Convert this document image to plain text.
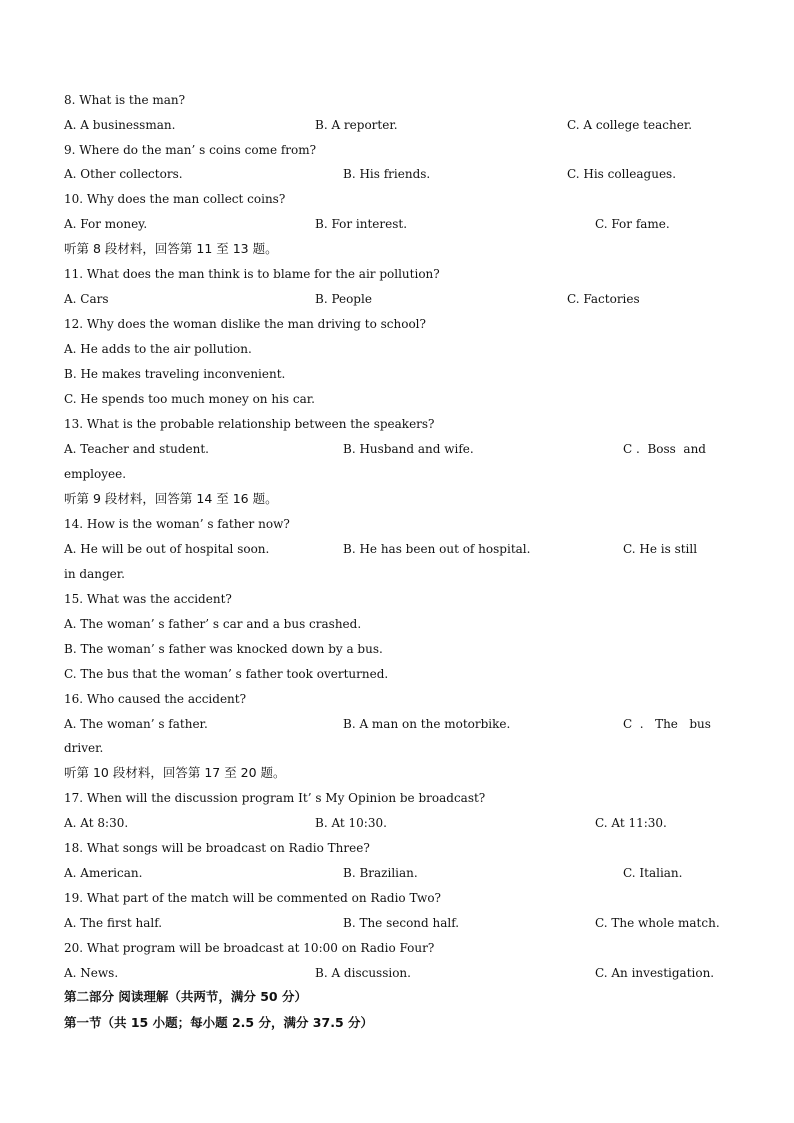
8. What is the man?
A. A businessman.	B. A reporter.	C. A college teacher.
9. Where do the man’ s coins come from?
A. Other collectors.	B. His friends.	C. His colleagues.
10. Why does the man collect coins?
A. For money.	B. For interest.	C. For fame.
听第 8 段材料，回答第 11 至 13 题。
11. What does the man think is to blame for the air pollution?
A. Cars	B. People	C. Factories
12. Why does the woman dislike the man driving to school?
A. He adds to the air pollution.
B. He makes traveling inconvenient.
C. He spends too much money on his car.
13. What is the probable relationship between the speakers?
A. Teacher and student.	B. Husband and wife.	C .  Boss  and
employee.
听第 9 段材料，回答第 14 至 16 题。
14. How is the woman’ s father now?
A. He will be out of hospital soon.	B. He has been out of hospital.	C. He is still
in danger.
15. What was the accident?
A. The woman’ s father’ s car and a bus crashed.
B. The woman’ s father was knocked down by a bus.
C. The bus that the woman’ s father took overturned.
16. Who caused the accident?
A. The woman’ s father.	B. A man on the motorbike.	C  .   The   bus
driver.
听第 10 段材料，回答第 17 至 20 题。
17. When will the discussion program It’ s My Opinion be broadcast?
A. At 8:30.	B. At 10:30.	C. At 11:30.
18. What songs will be broadcast on Radio Three?
A. American.	B. Brazilian.	C. Italian.
19. What part of the match will be commented on Radio Two?
A. The first half.	B. The second half.	C. The whole match.
20. What program will be broadcast at 10:00 on Radio Four?
A. News.	B. A discussion.	C. An investigation.
第二部分 阅读理解（共两节，满分 50 分）
第一节（共 15 小题；每小题 2.5 分，满分 37.5 分）
